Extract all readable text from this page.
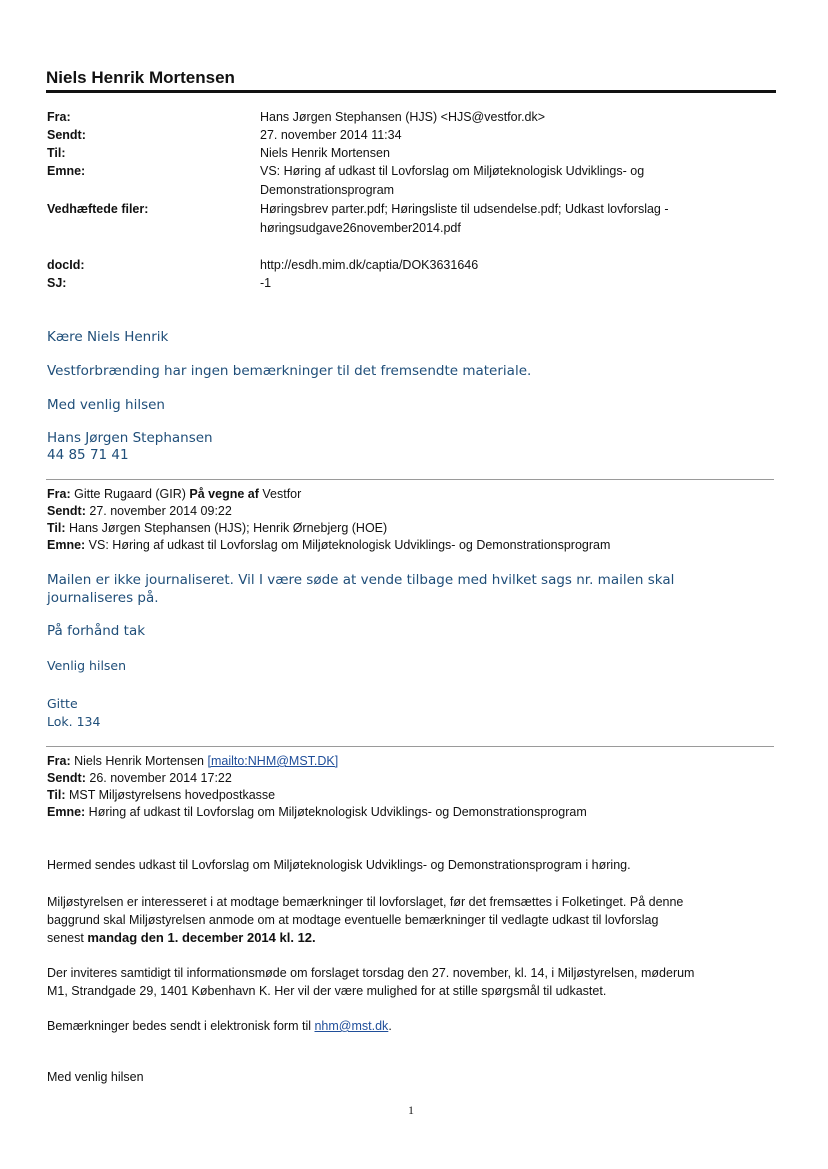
Niels Henrik Mortensen
Fra:	Hans Jørgen Stephansen (HJS) <HJS@vestfor.dk>
Sendt:	27. november 2014 11:34
Til:	Niels Henrik Mortensen
Emne:	VS: Høring af udkast til Lovforslag om Miljøteknologisk Udviklings- og
Demonstrationsprogram
Vedhæftede filer:	Høringsbrev parter.pdf; Høringsliste til udsendelse.pdf; Udkast lovforslag -
høringsudgave26november2014.pdf
docId:	http://esdh.mim.dk/captia/DOK3631646
SJ:	-1
Kære Niels Henrik
Vestforbrænding har ingen bemærkninger til det fremsendte materiale.
Med venlig hilsen
Hans Jørgen Stephansen
44 85 71 41
Fra: Gitte Rugaard (GIR) På vegne af Vestfor
Sendt: 27. november 2014 09:22
Til: Hans Jørgen Stephansen (HJS); Henrik Ørnebjerg (HOE)
Emne: VS: Høring af udkast til Lovforslag om Miljøteknologisk Udviklings- og Demonstrationsprogram
Mailen er ikke journaliseret. Vil I være søde at vende tilbage med hvilket sags nr. mailen skal
journaliseres på.
På forhånd tak
Venlig hilsen
Gitte
Lok. 134
Fra: Niels Henrik Mortensen [mailto:NHM@MST.DK]
Sendt: 26. november 2014 17:22
Til: MST Miljøstyrelsens hovedpostkasse
Emne: Høring af udkast til Lovforslag om Miljøteknologisk Udviklings- og Demonstrationsprogram
Hermed sendes udkast til Lovforslag om Miljøteknologisk Udviklings- og Demonstrationsprogram i høring.
Miljøstyrelsen er interesseret i at modtage bemærkninger til lovforslaget, før det fremsættes i Folketinget. På denne
baggrund skal Miljøstyrelsen anmode om at modtage eventuelle bemærkninger til vedlagte udkast til lovforslag
senest mandag den 1. december 2014 kl. 12.
Der inviteres samtidigt til informationsmøde om forslaget torsdag den 27. november, kl. 14, i Miljøstyrelsen, møderum
M1, Strandgade 29, 1401 København K. Her vil der være mulighed for at stille spørgsmål til udkastet.
Bemærkninger bedes sendt i elektronisk form til nhm@mst.dk.
Med venlig hilsen
1
